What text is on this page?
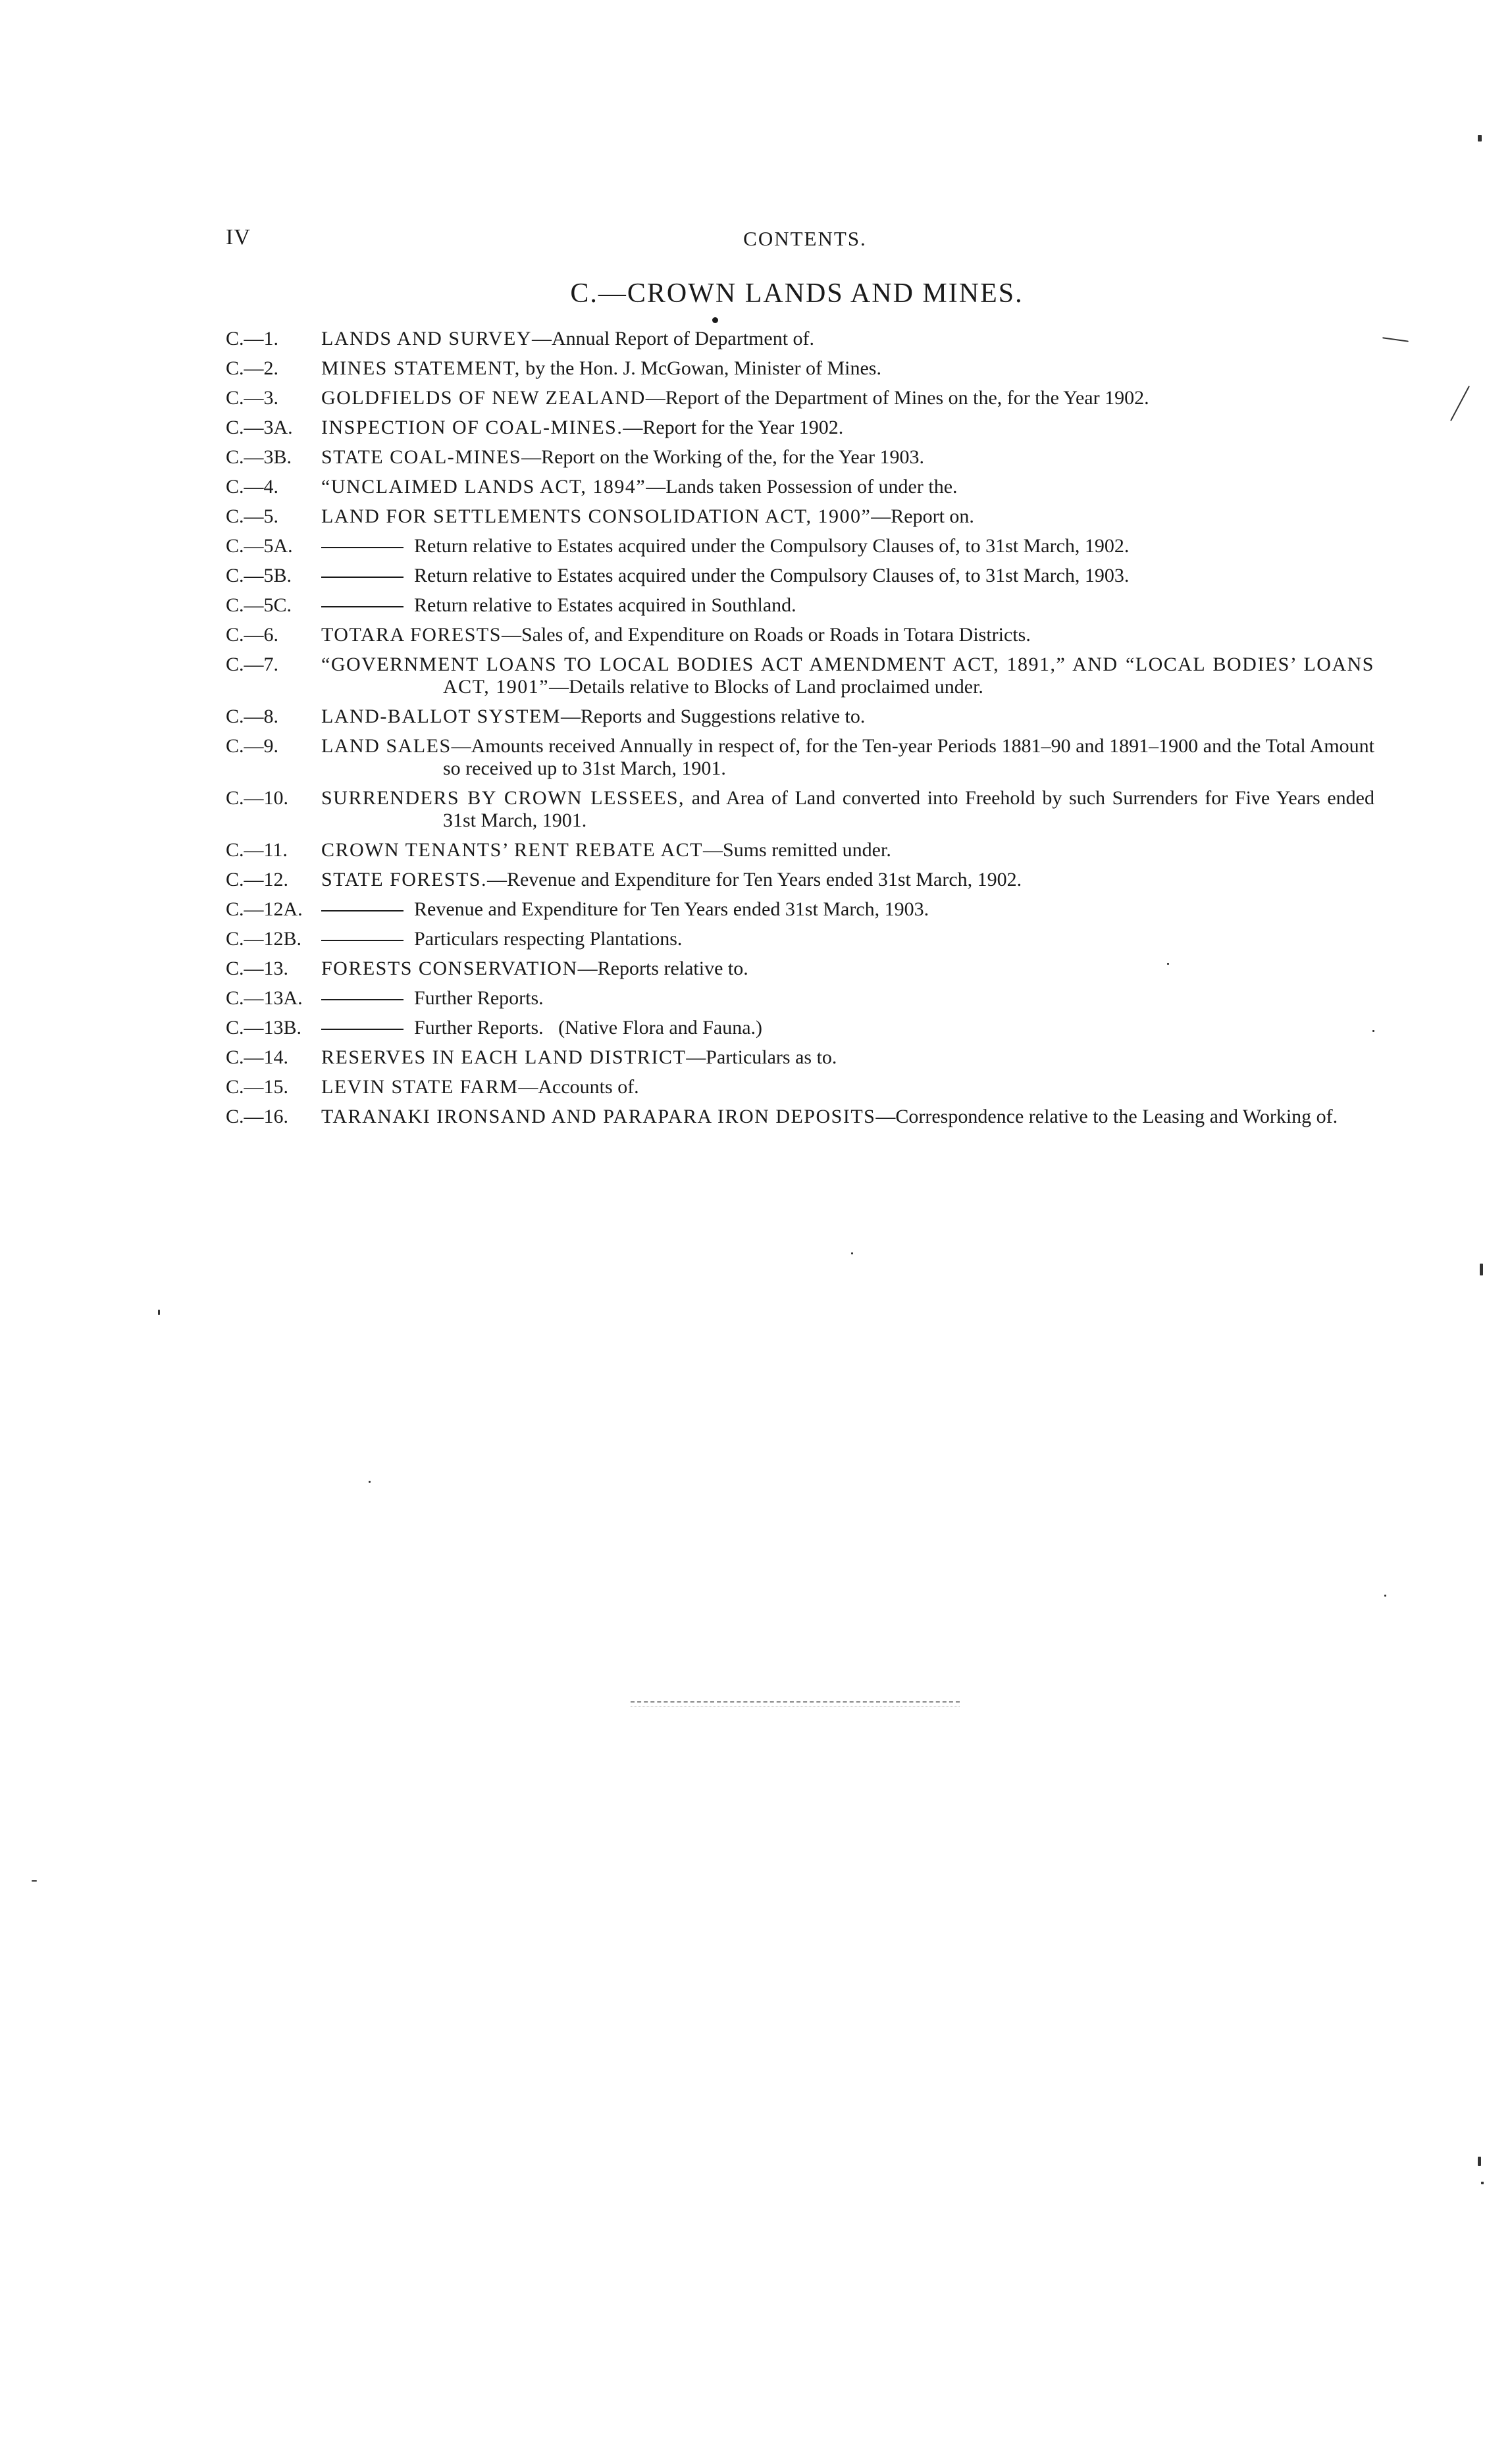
IV	CONTENTS.
C.—CROWN LANDS AND MINES.
C.—1.	LANDS AND SURVEY—Annual Report of Department of.
C.—2.	MINES STATEMENT, by the Hon. J. McGowan, Minister of Mines.
C.—3.	GOLDFIELDS OF NEW ZEALAND—Report of the Department of Mines on the, for the Year 1902.
C.—3A.	INSPECTION OF COAL-MINES.—Report for the Year 1902.
C.—3B.	STATE COAL-MINES—Report on the Working of the, for the Year 1903.
C.—4.	“UNCLAIMED LANDS ACT, 1894”—Lands taken Possession of under the.
C.—5.	LAND FOR SETTLEMENTS CONSOLIDATION ACT, 1900”—Report on.
C.—5A.	Return relative to Estates acquired under the Compulsory Clauses of, to 31st March, 1902.
C.—5B.	Return relative to Estates acquired under the Compulsory Clauses of, to 31st March, 1903.
C.—5C.	Return relative to Estates acquired in Southland.
C.—6.	TOTARA FORESTS—Sales of, and Expenditure on Roads or Roads in Totara Districts.
C.—7.	“GOVERNMENT LOANS TO LOCAL BODIES ACT AMENDMENT ACT, 1891,” AND “LOCAL BODIES’ LOANS ACT, 1901”—Details relative to Blocks of Land proclaimed under.
C.—8.	LAND-BALLOT SYSTEM—Reports and Suggestions relative to.
C.—9.	LAND SALES—Amounts received Annually in respect of, for the Ten-year Periods 1881–90 and 1891–1900 and the Total Amount so received up to 31st March, 1901.
C.—10.	SURRENDERS BY CROWN LESSEES, and Area of Land converted into Freehold by such Surrenders for Five Years ended 31st March, 1901.
C.—11.	CROWN TENANTS’ RENT REBATE ACT—Sums remitted under.
C.—12.	STATE FORESTS.—Revenue and Expenditure for Ten Years ended 31st March, 1902.
C.—12A.	Revenue and Expenditure for Ten Years ended 31st March, 1903.
C.—12B.	Particulars respecting Plantations.
C.—13.	FORESTS CONSERVATION—Reports relative to.
C.—13A.	Further Reports.
C.—13B.	Further Reports.   (Native Flora and Fauna.)
C.—14.	RESERVES IN EACH LAND DISTRICT—Particulars as to.
C.—15.	LEVIN STATE FARM—Accounts of.
C.—16.	TARANAKI IRONSAND AND PARAPARA IRON DEPOSITS—Correspondence relative to the Leasing and Working of.
